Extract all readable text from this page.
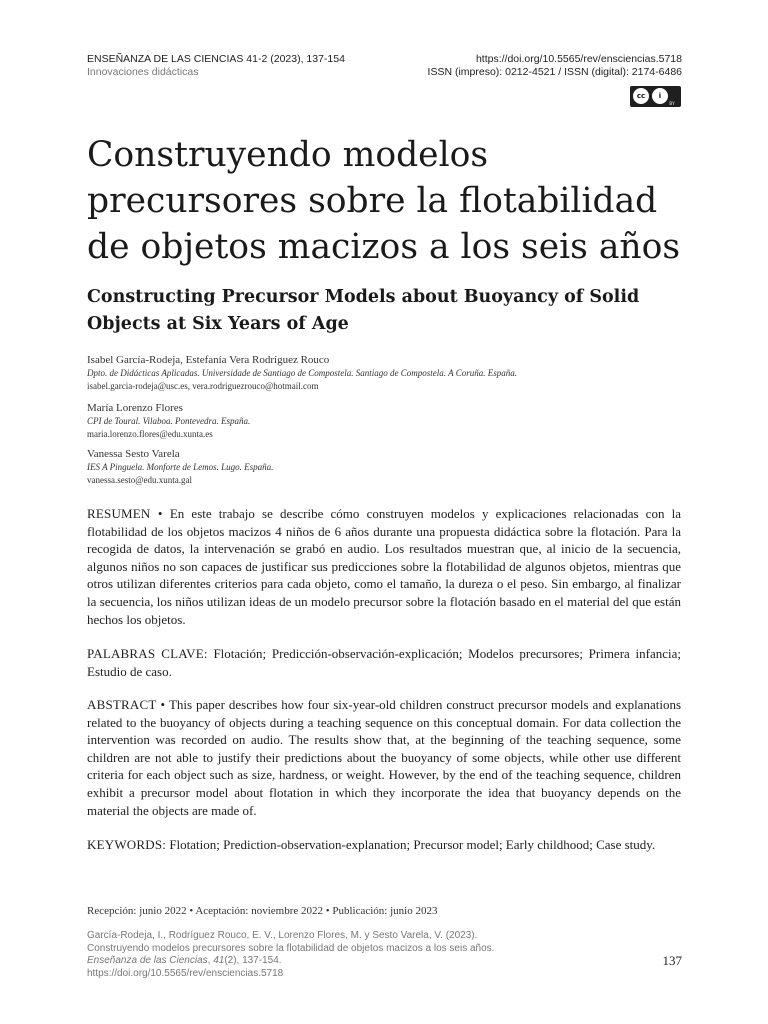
ENSEÑANZA DE LAS CIENCIAS 41-2 (2023), 137-154
Innovaciones didácticas
https://doi.org/10.5565/rev/ensciencias.5718
ISSN (impreso): 0212-4521 / ISSN (digital): 2174-6486
cc	i
BY
Construyendo modelos precursores sobre la flotabilidad de objetos macizos a los seis años
Constructing Precursor Models about Buoyancy of Solid Objects at Six Years of Age
Isabel García-Rodeja, Estefanía Vera Rodríguez Rouco
Dpto. de Didácticas Aplicadas. Universidade de Santiago de Compostela. Santiago de Compostela. A Coruña. España.
isabel.garcia-rodeja@usc.es, vera.rodriguezrouco@hotmail.com
María Lorenzo Flores
CPI de Toural. Vilaboa. Pontevedra. España.
maria.lorenzo.flores@edu.xunta.es
Vanessa Sesto Varela
IES A Pinguela. Monforte de Lemos. Lugo. España.
vanessa.sesto@edu.xunta.gal

RESUMEN • En este trabajo se describe cómo construyen modelos y explicaciones relacionadas con la flotabilidad de los objetos macizos 4 niños de 6 años durante una propuesta didáctica sobre la flotación. Para la recogida de datos, la intervenación se grabó en audio. Los resultados muestran que, al inicio de la secuencia, algunos niños no son capaces de justificar sus predicciones sobre la flotabilidad de algunos objetos, mientras que otros utilizan diferentes criterios para cada objeto, como el tamaño, la dureza o el peso. Sin embargo, al finalizar la secuencia, los niños utilizan ideas de un modelo precursor sobre la flotación basado en el material del que están hechos los objetos.

PALABRAS CLAVE: Flotación; Predicción-observación-explicación; Modelos precursores; Primera infancia; Estudio de caso.

ABSTRACT • This paper describes how four six-year-old children construct precursor models and explanations related to the buoyancy of objects during a teaching sequence on this conceptual domain. For data collection the intervention was recorded on audio. The results show that, at the beginning of the teaching sequence, some children are not able to justify their predictions about the buoyancy of some objects, while other use different criteria for each object such as size, hardness, or weight. However, by the end of the teaching sequence, children exhibit a precursor model about flotation in which they incorporate the idea that buoyancy depends on the material the objects are made of.

KEYWORDS: Flotation; Prediction-observation-explanation; Precursor model; Early childhood; Case study.

Recepción: junio 2022 • Aceptación: noviembre 2022 • Publicación: junio 2023
García-Rodeja, I., Rodríguez Rouco, E. V., Lorenzo Flores, M. y Sesto Varela, V. (2023).
Construyendo modelos precursores sobre la flotabilidad de objetos macizos a los seis años.
Enseñanza de las Ciencias, 41(2), 137-154.
https://doi.org/10.5565/rev/ensciencias.5718
137
